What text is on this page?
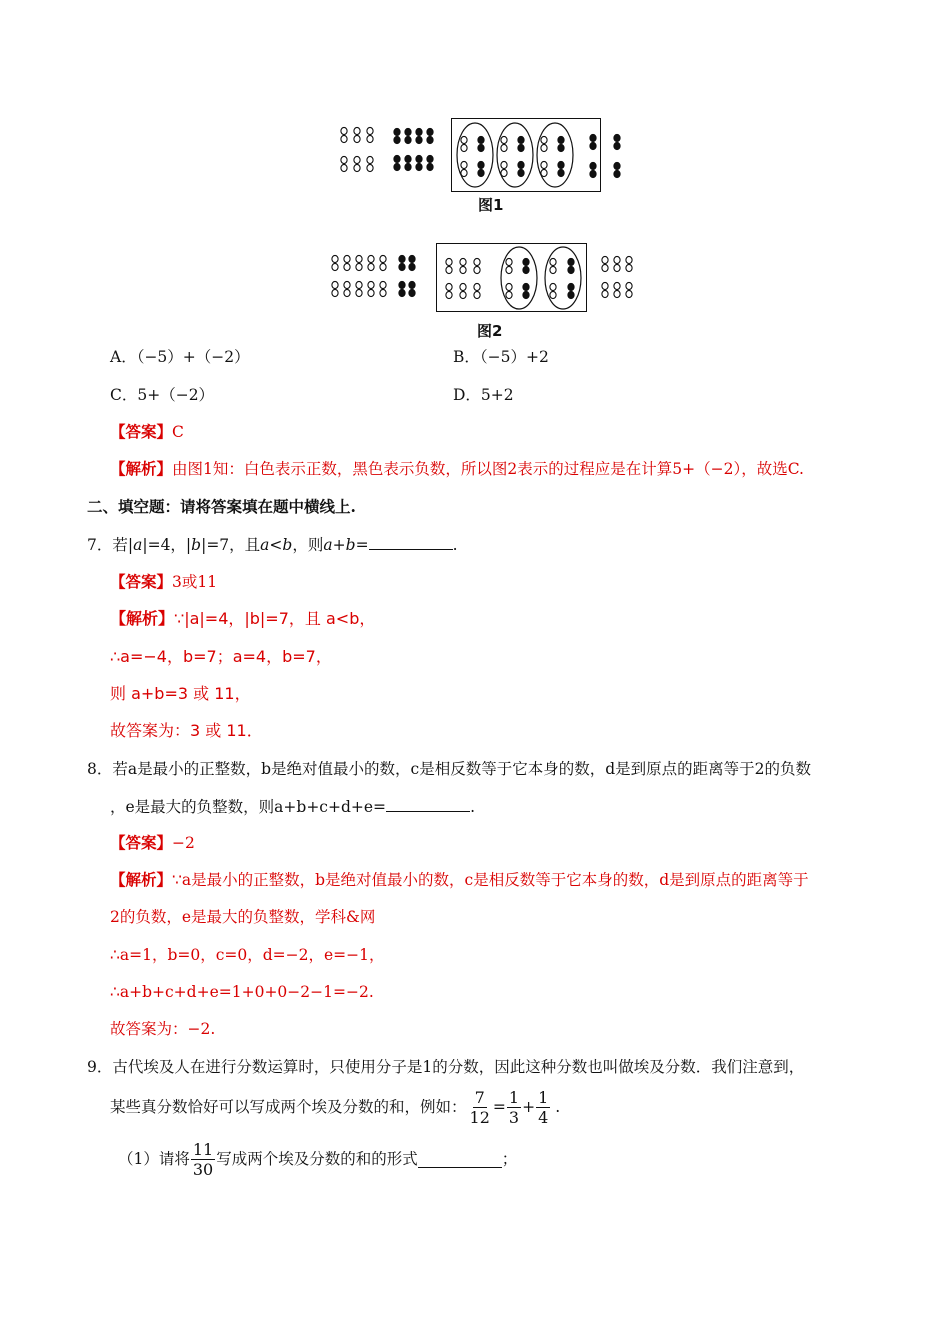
图1
图2
A．（−5）+（−2）	B．（−5）+2
C．5+（−2）	D．5+2
【答案】C
【解析】由图1知：白色表示正数，黑色表示负数，所以图2表示的过程应是在计算5+（−2），故选C.
二、填空题：请将答案填在题中横线上.
7．若|a|=4，|b|=7，且a<b，则a+b=	.
【答案】3或11
【解析】∵|a|=4，|b|=7，且 a<b，
∴a=−4，b=7；a=4，b=7，
则 a+b=3 或 11，
故答案为：3 或 11．
8．若a是最小的正整数，b是绝对值最小的数，c是相反数等于它本身的数，d是到原点的距离等于2的负数
，e是最大的负整数，则a+b+c+d+e=	.
【答案】−2
【解析】∵a是最小的正整数，b是绝对值最小的数，c是相反数等于它本身的数，d是到原点的距离等于
2的负数，e是最大的负整数，学科&网
∴a=1，b=0，c=0，d=−2，e=−1，
∴a+b+c+d+e=1+0+0−2−1=−2.
故答案为：−2.
9．古代埃及人在进行分数运算时，只使用分子是1的分数，因此这种分数也叫做埃及分数．我们注意到，
某些真分数恰好可以写成两个埃及分数的和，例如： $\frac{7}{12} = \frac{1}{3} + \frac{1}{4}$ .
（1）请将 $\frac{11}{30}$ 写成两个埃及分数的和的形式	；
